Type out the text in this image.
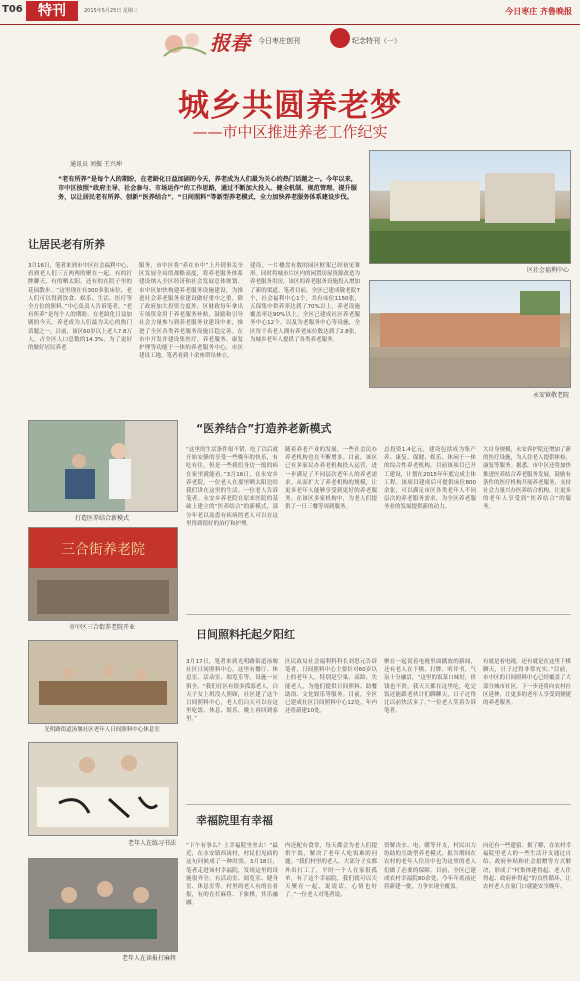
T06	特刊	2015年5月25日 星期三	今日枣庄 齐鲁晚报
报春 今日枣庄创刊	纪念特刊（一）
城乡共圆养老梦
——市中区推进养老工作纪实
通讯员 刘振 王兴坤
“老有所养”是每个人的期盼，在老龄化日益加剧的今天，养老成为人们最为关心的热门话题之一。今年以来，市中区按照“政府主导、社会参与、市场运作”的工作思路，通过不断加大投入、健全机制、规范管理、提升服务，以让居民老有所养、创新“医养结合”、“日间照料”等新型养老模式，全力加快养老服务体系建设步伐。
区社会福利中心
永安镇敬老院
让居民老有所养
3月16日，笔者来到市中区社会福利中心，看到老人们三五两两的聚在一起，有的打牌聊天，有的晒太阳，还有的在院子里的花园散步。“这里现在有300多张床位，老人们可以得到饮食、娱乐、生活、医疗等全方位的照料。”中心负责人告诉笔者。“老有所养”是每个人的期盼。在老龄化日益加剧的今天，养老成为人们最为关心的热门话题之一。目前，该区60岁以上老人7.8万人，占全区人口总数的14.3%，为了更好的做好居民养老
服务，市中区将“养在市中”上升到事关全区发展全局的战略高度，将养老服务体系建设纳入全区经济和社会发展总体规划。市中区加快构建养老服务设施建设，为推进社会养老服务业建设做好重中之重。除了政府加大投资力度外，区财政每年拿出专项资金用于养老服务补贴，鼓励和引导社会力量参与到养老服务业建设中来，推进了全区各类养老服务设施日趋完善。在市中开发并建设集医疗、养老服务、康复护理等功能于一体的养老服务中心，市区建设工地，笔者看到十余座塔吊林立。
建设，一片楼盘有数的园区框架已经初见雏形。同时将城市片区内的闲置房屋资源改造为养老服务用房，该区的养老服务设施投入增加了新的渠道。笔者目前，全区已建成敬老院7个，社会福利中心1个，共有床位1150张，五保集中供养率达到了70%以上，养老设施覆盖率达90%以上，全区已建成社区养老服务中心12个、以及为老服务中心等设施，全区每千名老人拥有养老床位数达到了2.8张，为城乡老年人提供了各类养老服务。
打造医养结合新模式
三合街养老院
市中区三合街养老院开业
光明路街道汤堰社区老年人日间照料中心休息室
老年人在练习书法
老年人在读报打麻将
“医养结合”打造养老新模式
“这里的生活条件很不错，吃了以后就开始安静的享受一些晚年的快乐，有吃有住，但是一些我们身边一般的病在家里就能看。”3月16日，在永安乡养老院，一位老人在那里晒太阳边给我们讲在这里的生活。一位老人告诉笔者。永安乡养老院在原来医院的基础上建立的“医养结合”的新模式，部分年老以及患有疾病的老人可以在这里得到很好的治疗和护理。
随着养老产业的发展，一些社会民办养老机构也在不断增多。目前，该区已有多家民办养老机构投入运营，进一步满足了不同层次老年人的养老需求。从而扩大了养老机构的规模，让更多老年人能够享受到更好的养老服务。在该区多家机构中，为老人们提供了一日三餐等周到服务。
总投资1.4亿元，建设包括成为集产养、康复、保健、娱乐、休闲于一体的综合性养老机构。目前该项目已开工建设，计划在2015年年底完成主体工程。该项目建成后可提供床位800余张，可以满足市区各类老年人不同层次的养老服务需求，为全区养老服务业的发展提供新的动力。
大自身规模，永安养护院还增加了新的医疗设施，为入住老人提供体检、康复等服务。据悉，市中区还将加快推进医养结合养老服务发展，鼓励有条件的医疗机构开展养老服务，支持社会力量兴办医养结合机构，让更多的老年人享受到“医养结合”的服务。
日间照料托起夕阳红
3月17日，笔者来到光明路街道汤堰社区日间照料中心，这里有餐厅、休息室、活动室、阅览室等，设施一应俱全。“我们社区有很多孤寡老人，白天子女上班没人照顾，社区建了这个日间照料中心，老人们白天可以在这里吃饭、休息、娱乐，晚上再回到家里。”
区民政局社会福利科科长刘思元告诉笔者，日间照料中心主要针对60岁以上的老年人，特别是空巢、高龄、失能老人，为他们提供日间照料、助餐助浴、文化娱乐等服务。目前，全区已建成社区日间照料中心12处，年内还将新建10处。
聚在一起说着电视里面播放的新闻，还有老人在下棋、打牌、听评书，气氛十分融洽，“这里的饭菜口味好，价钱也不贵，我天天都在这里吃，吃完饭还能跟老伙计们聊聊天，日子过得比以前快活多了。”一位老人笑着告诉笔者。
有就是看电视，还有就是在这里下棋聊天，日子过得非常充实。”目前，市中区的日间照料中心已经覆盖了大部分城市社区，下一步还将向农村社区延伸，让更多的老年人享受到便捷的养老服务。
幸福院里有幸福
“下午有事么？上幸福院坐坐去！”最近，在永安镇西岗村，村民们见面的这句问候成了一种时尚。3月18日，笔者走进该村幸福院，发现这里的设施很齐全，有活动室、阅览室、健身室、休息室等。村里的老人有的在看报，有的在打麻将、下象棋，其乐融融。
内还配有食堂，每天都会为老人们提供午饭，解决了老年人吃饭难的问题。“我们村里的老人，大部分子女都外出打工了，平时一个人在家很孤单，有了这个幸福院，我们就可以天天聚在一起，说说话，心情也好了。”一位老人对笔者说。
资解决水、电、暖等开支，村民出力协助的互助型养老模式，报告期间在农村的老年人住房中也为这里的老人们做了必要的保障。目前，全区已建成农村幸福院80余处，今年年底前还将新建一批，力争实现全覆盖。
向还有一些遗留。据了解，在农村幸福院里老人的一些生活开支通过自给、政府补贴和社会捐赠等方式解决，形成了“村集体建得起、老人住得起、政府补得起”的良性循环，让农村老人在家门口就能安享晚年。
